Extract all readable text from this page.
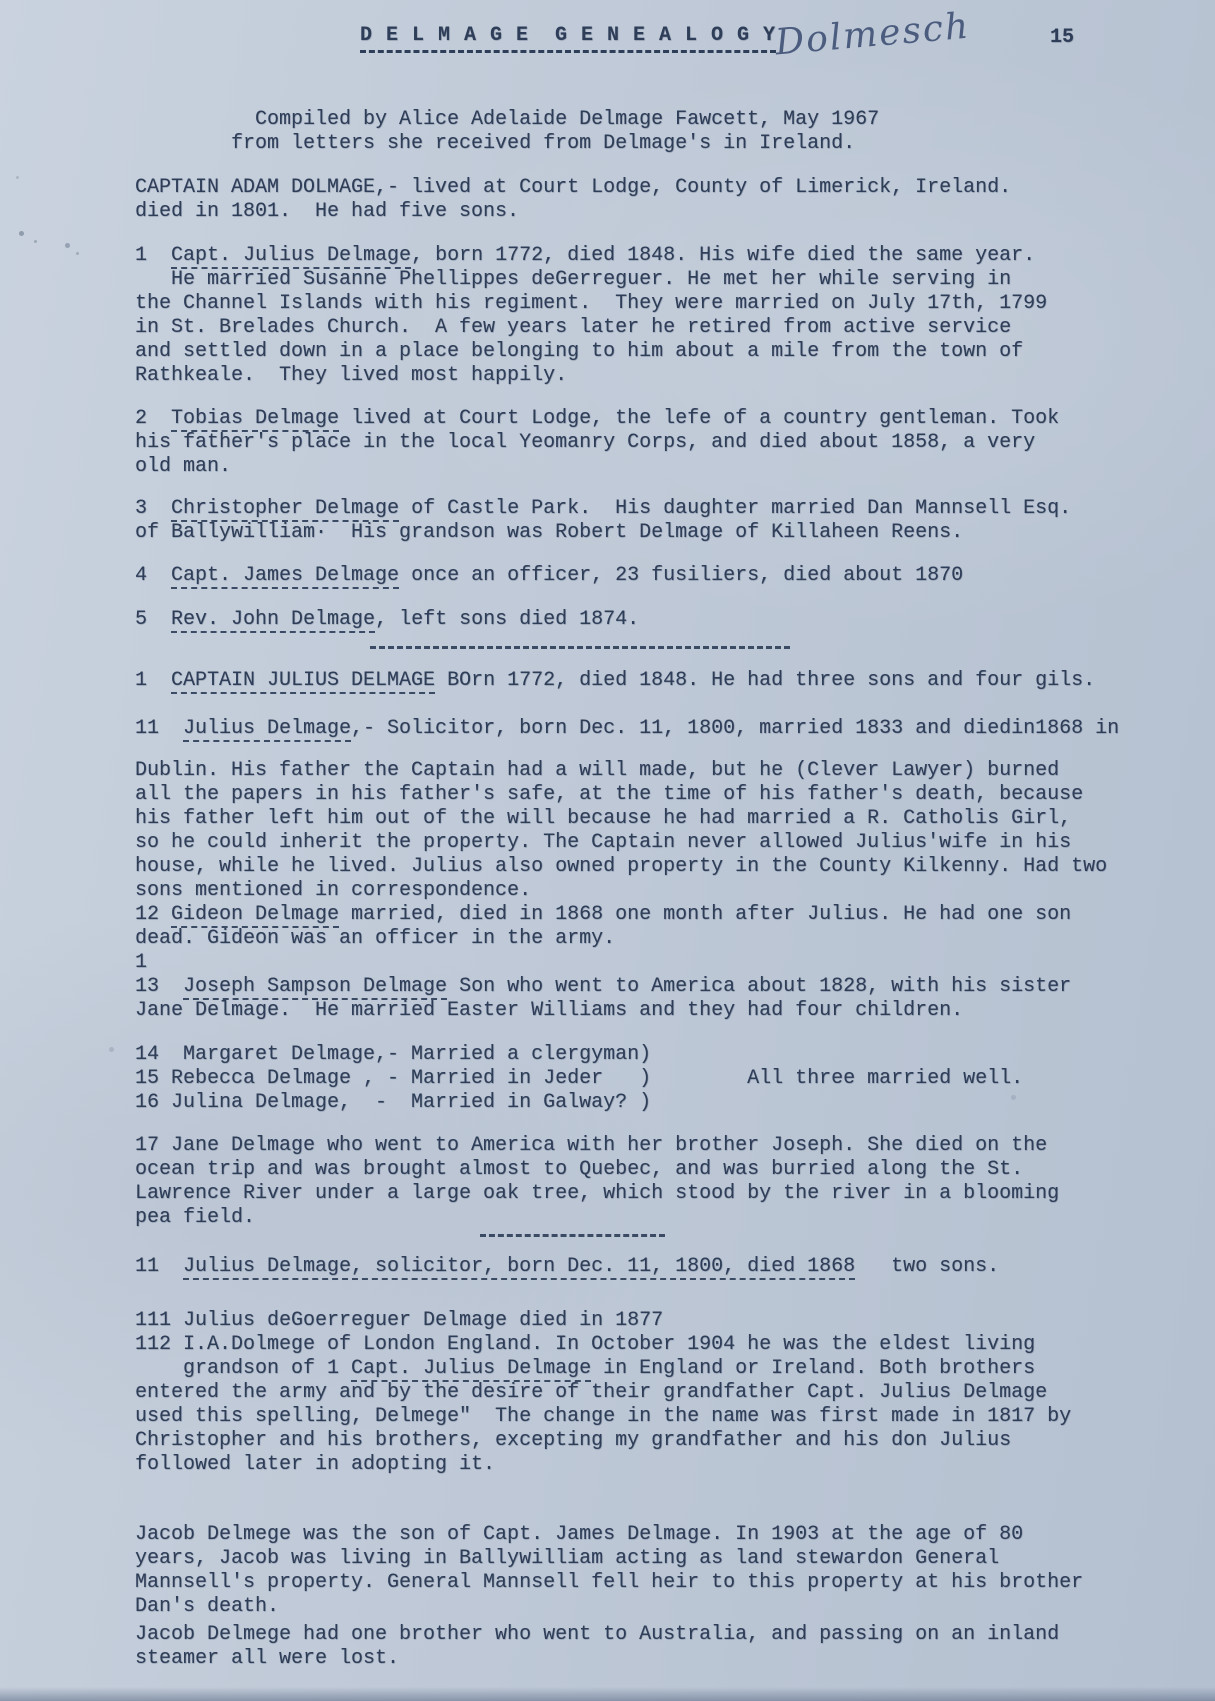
D E L M A G E  G E N E A L O G Y
Dolmesch	15
Compiled by Alice Adelaide Delmage Fawcett, May 1967
from letters she received from Delmage's in Ireland.
CAPTAIN ADAM DOLMAGE,- lived at Court Lodge, County of Limerick, Ireland.
died in 1801.  He had five sons.
1  Capt. Julius Delmage, born 1772, died 1848. His wife died the same year.
He married Susanne Phellippes deGerreguer. He met her while serving in
the Channel Islands with his regiment.  They were married on July 17th, 1799
in St. Brelades Church.  A few years later he retired from active service
and settled down in a place belonging to him about a mile from the town of
Rathkeale.  They lived most happily.
2  Tobias Delmage lived at Court Lodge, the lefe of a country gentleman. Took
his father's place in the local Yeomanry Corps, and died about 1858, a very
old man.
3  Christopher Delmage of Castle Park.  His daughter married Dan Mannsell Esq.
of Ballywilliam·  His grandson was Robert Delmage of Killaheen Reens.
4  Capt. James Delmage once an officer, 23 fusiliers, died about 1870
5  Rev. John Delmage, left sons died 1874.
1  CAPTAIN JULIUS DELMAGE BOrn 1772, died 1848. He had three sons and four gils.
11  Julius Delmage,- Solicitor, born Dec. 11, 1800, married 1833 and diedin1868 in
Dublin. His father the Captain had a will made, but he (Clever Lawyer) burned
all the papers in his father's safe, at the time of his father's death, because
his father left him out of the will because he had married a R. Catholis Girl,
so he could inherit the property. The Captain never allowed Julius'wife in his
house, while he lived. Julius also owned property in the County Kilkenny. Had two
sons mentioned in correspondence.
12 Gideon Delmage married, died in 1868 one month after Julius. He had one son
dead. Gideon was an officer in the army.
1
13  Joseph Sampson Delmage Son who went to America about 1828, with his sister
Jane Delmage.  He married Easter Williams and they had four children.
14  Margaret Delmage,- Married a clergyman)
15 Rebecca Delmage , - Married in Jeder   )        All three married well.
16 Julina Delmage,  -  Married in Galway? )
17 Jane Delmage who went to America with her brother Joseph. She died on the
ocean trip and was brought almost to Quebec, and was burried along the St.
Lawrence River under a large oak tree, which stood by the river in a blooming
pea field.
11  Julius Delmage, solicitor, born Dec. 11, 1800, died 1868   two sons.
111 Julius deGoerreguer Delmage died in 1877
112 I.A.Dolmege of London England. In October 1904 he was the eldest living
grandson of 1 Capt. Julius Delmage in England or Ireland. Both brothers
entered the army and by the desire of their grandfather Capt. Julius Delmage
used this spelling, Delmege"  The change in the name was first made in 1817 by
Christopher and his brothers, excepting my grandfather and his don Julius
followed later in adopting it.
Jacob Delmege was the son of Capt. James Delmage. In 1903 at the age of 80
years, Jacob was living in Ballywilliam acting as land stewardon General
Mannsell's property. General Mannsell fell heir to this property at his brother
Dan's death.
Jacob Delmege had one brother who went to Australia, and passing on an inland
steamer all were lost.
